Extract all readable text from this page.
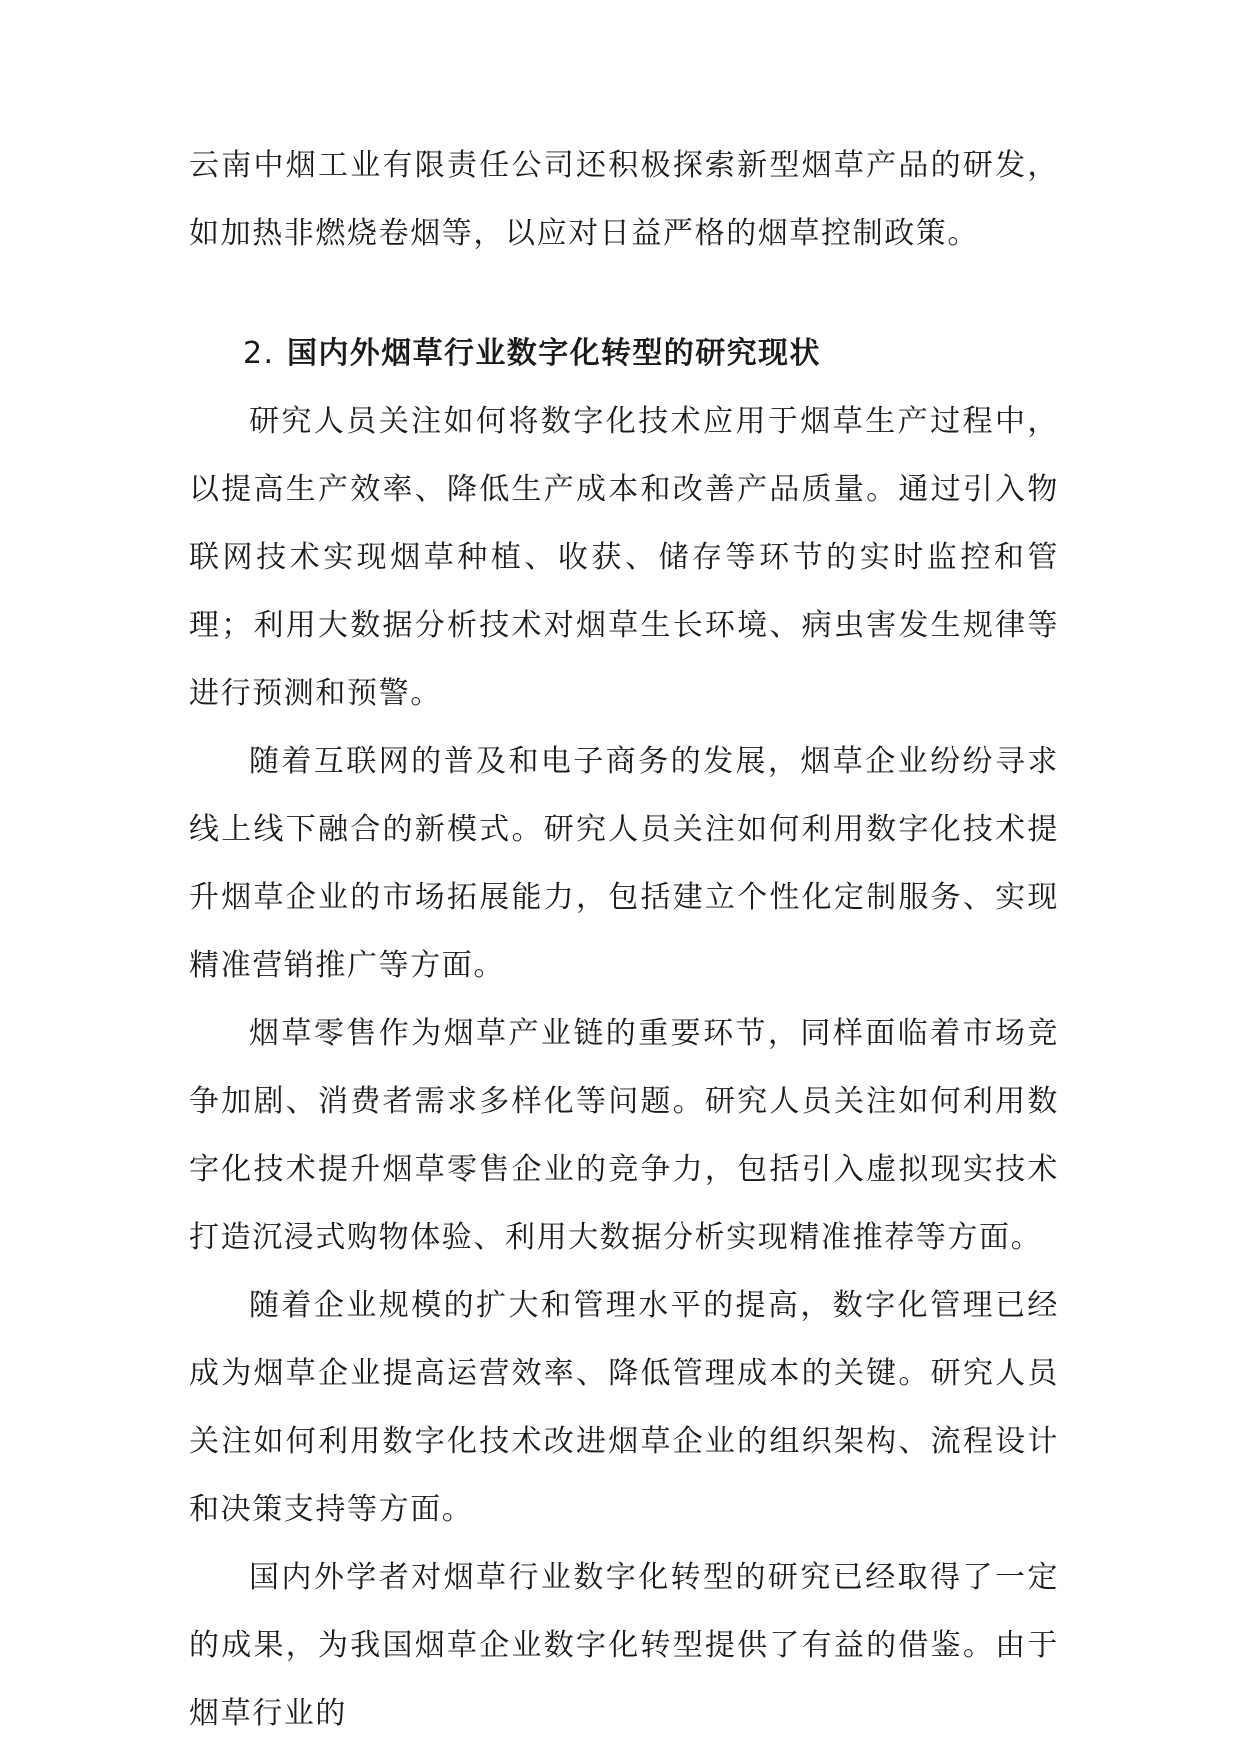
云南中烟工业有限责任公司还积极探索新型烟草产品的研发，如加热非燃烧卷烟等，以应对日益严格的烟草控制政策。

2. 国内外烟草行业数字化转型的研究现状

研究人员关注如何将数字化技术应用于烟草生产过程中，以提高生产效率、降低生产成本和改善产品质量。通过引入物联网技术实现烟草种植、收获、储存等环节的实时监控和管理；利用大数据分析技术对烟草生长环境、病虫害发生规律等进行预测和预警。

随着互联网的普及和电子商务的发展，烟草企业纷纷寻求线上线下融合的新模式。研究人员关注如何利用数字化技术提升烟草企业的市场拓展能力，包括建立个性化定制服务、实现精准营销推广等方面。

烟草零售作为烟草产业链的重要环节，同样面临着市场竞争加剧、消费者需求多样化等问题。研究人员关注如何利用数字化技术提升烟草零售企业的竞争力，包括引入虚拟现实技术打造沉浸式购物体验、利用大数据分析实现精准推荐等方面。

随着企业规模的扩大和管理水平的提高，数字化管理已经成为烟草企业提高运营效率、降低管理成本的关键。研究人员关注如何利用数字化技术改进烟草企业的组织架构、流程设计和决策支持等方面。

国内外学者对烟草行业数字化转型的研究已经取得了一定的成果，为我国烟草企业数字化转型提供了有益的借鉴。由于烟草行业的
